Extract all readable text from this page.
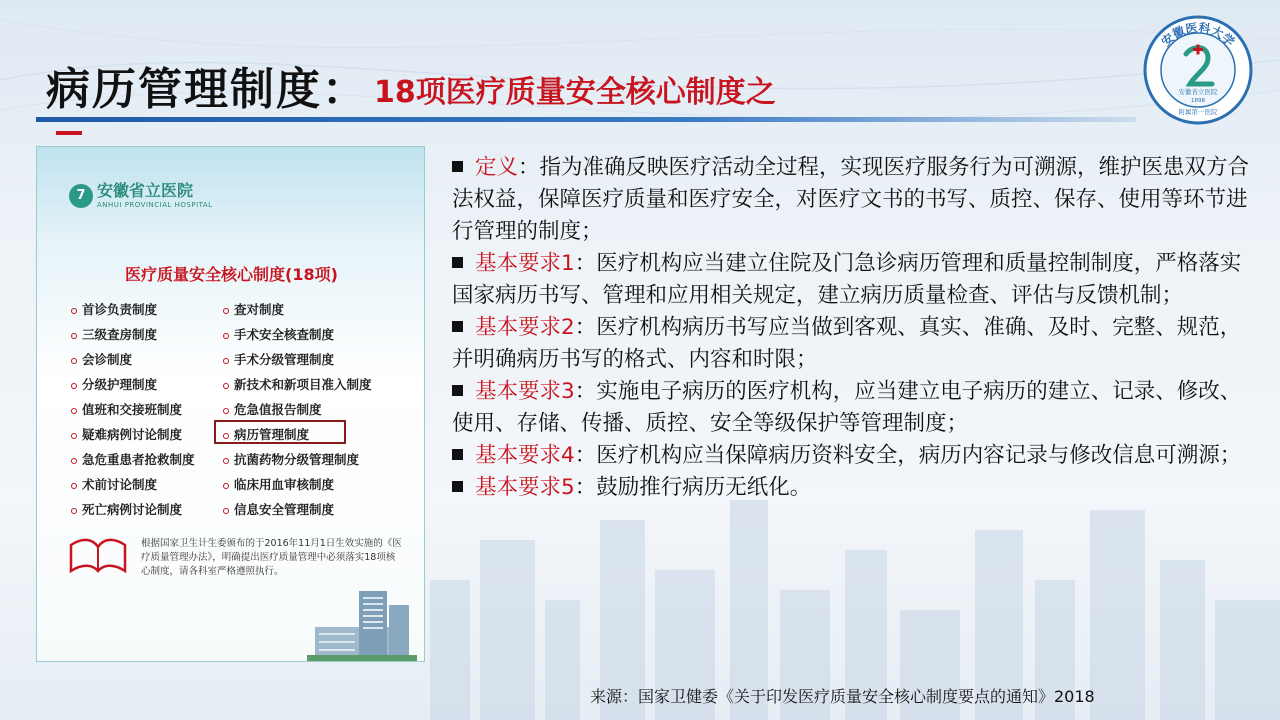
病历管理制度： 18项医疗质量安全核心制度之
安徽医科大学
安徽省立医院
1898
附属第一医院
7 安徽省立医院
ANHUI PROVINCIAL HOSPITAL
医疗质量安全核心制度(18项)
首诊负责制度
三级查房制度
会诊制度
分级护理制度
值班和交接班制度
疑难病例讨论制度
急危重患者抢救制度
术前讨论制度
死亡病例讨论制度
查对制度
手术安全核查制度
手术分级管理制度
新技术和新项目准入制度
危急值报告制度
病历管理制度
抗菌药物分级管理制度
临床用血审核制度
信息安全管理制度
根据国家卫生计生委颁布的于2016年11月1日生效实施的《医疗质量管理办法》，明确提出医疗质量管理中必须落实18项核心制度，请各科室严格遵照执行。
定义：指为准确反映医疗活动全过程，实现医疗服务行为可溯源，维护医患双方合法权益，保障医疗质量和医疗安全，对医疗文书的书写、质控、保存、使用等环节进行管理的制度；
基本要求1：医疗机构应当建立住院及门急诊病历管理和质量控制制度，严格落实国家病历书写、管理和应用相关规定，建立病历质量检查、评估与反馈机制；
基本要求2：医疗机构病历书写应当做到客观、真实、准确、及时、完整、规范，并明确病历书写的格式、内容和时限；
基本要求3：实施电子病历的医疗机构，应当建立电子病历的建立、记录、修改、使用、存储、传播、质控、安全等级保护等管理制度；
基本要求4：医疗机构应当保障病历资料安全，病历内容记录与修改信息可溯源；
基本要求5：鼓励推行病历无纸化。
来源：国家卫健委《关于印发医疗质量安全核心制度要点的通知》2018
